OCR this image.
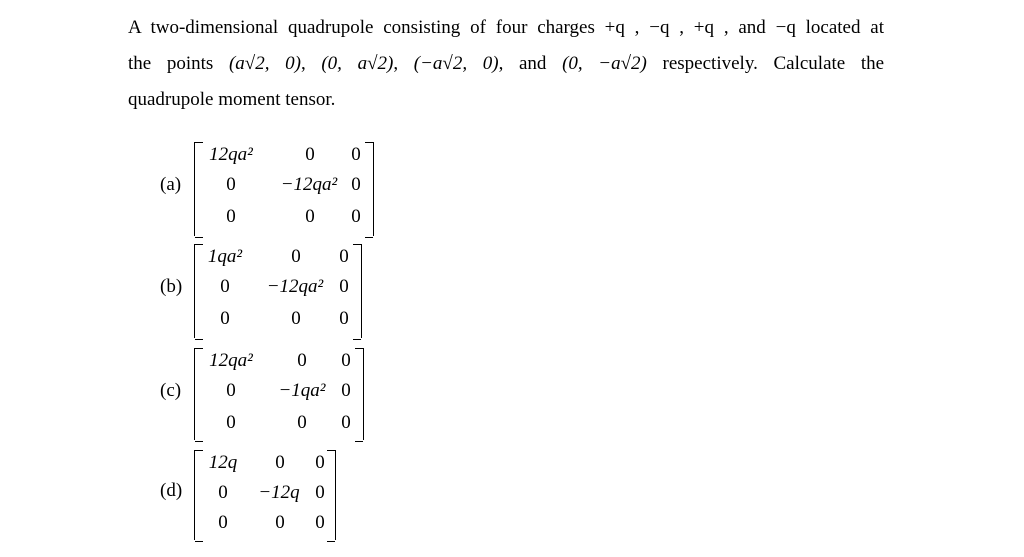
A two-dimensional quadrupole consisting of four charges +q , −q , +q , and −q located at
the points (a√2, 0), (0, a√2), (−a√2, 0), and (0, −a√2) respectively. Calculate the
quadrupole moment tensor.
(a)
12qa²	0	0
0	−12qa² 0
0	0	0
(b)
1qa²	0	0
0	−12qa² 0
0	0	0
(c)
12qa²	0	0
0	−1qa² 0
0	0	0
(d)
12q	0	0
0	−12q 0
0	0	0
